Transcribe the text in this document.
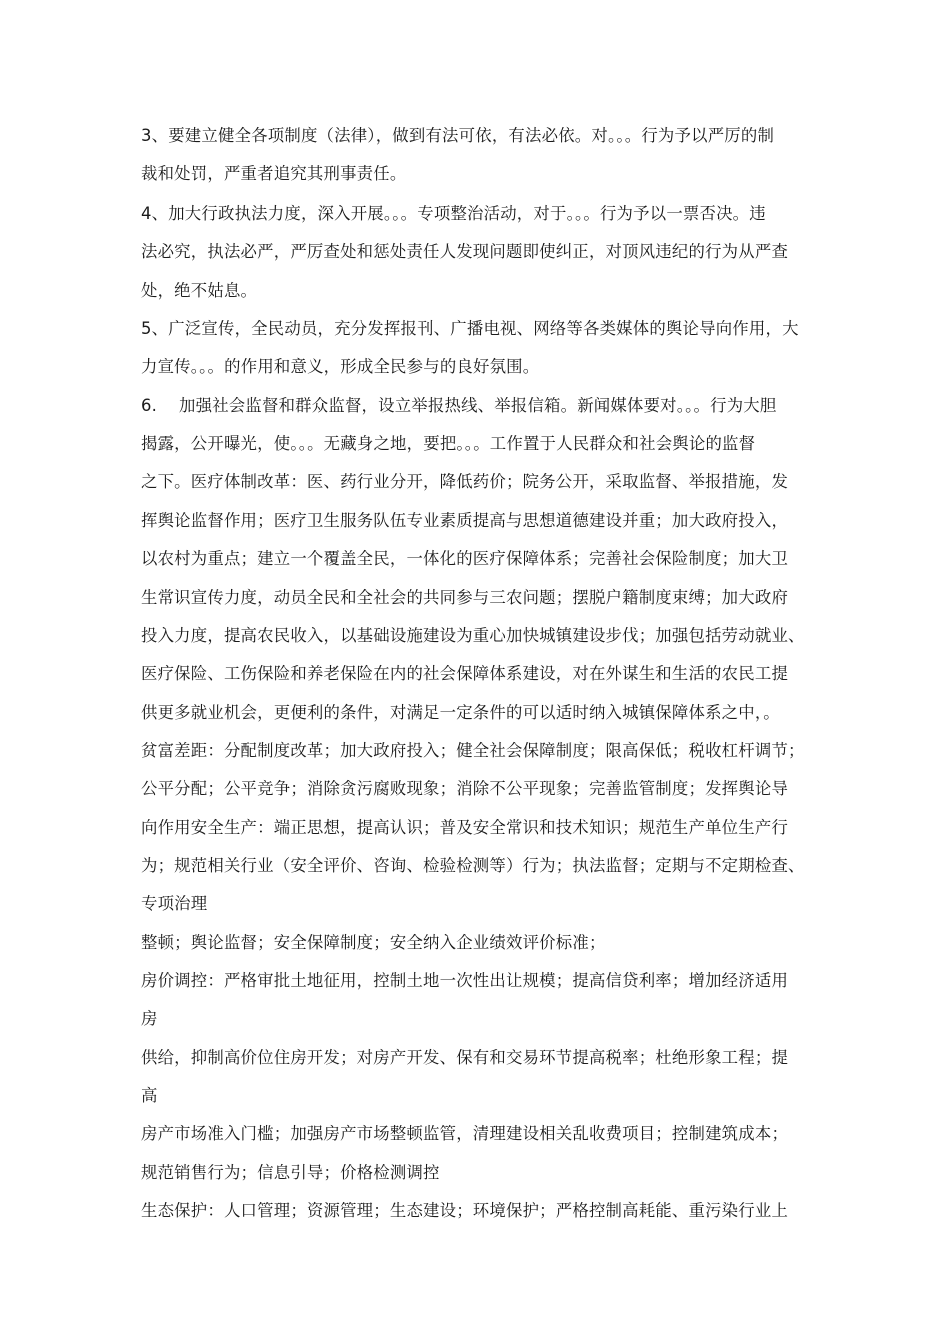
3、要建立健全各项制度（法律），做到有法可依，有法必依。对。。。行为予以严厉的制
裁和处罚，严重者追究其刑事责任。
4、加大行政执法力度，深入开展。。。专项整治活动，对于。。。行为予以一票否决。违
法必究，执法必严，严厉查处和惩处责任人发现问题即使纠正，对顶风违纪的行为从严查
处，绝不姑息。
5、广泛宣传，全民动员，充分发挥报刊、广播电视、网络等各类媒体的舆论导向作用，大
力宣传。。。的作用和意义，形成全民参与的良好氛围。
6.　 加强社会监督和群众监督，设立举报热线、举报信箱。新闻媒体要对。。。行为大胆
揭露，公开曝光，使。。。无藏身之地，要把。。。工作置于人民群众和社会舆论的监督
之下。医疗体制改革：医、药行业分开，降低药价；院务公开，采取监督、举报措施，发
挥舆论监督作用；医疗卫生服务队伍专业素质提高与思想道德建设并重；加大政府投入，
以农村为重点；建立一个覆盖全民，一体化的医疗保障体系；完善社会保险制度；加大卫
生常识宣传力度，动员全民和全社会的共同参与三农问题；摆脱户籍制度束缚；加大政府
投入力度，提高农民收入，以基础设施建设为重心加快城镇建设步伐；加强包括劳动就业、
医疗保险、工伤保险和养老保险在内的社会保障体系建设，对在外谋生和生活的农民工提
供更多就业机会，更便利的条件，对满足一定条件的可以适时纳入城镇保障体系之中，。
贫富差距：分配制度改革；加大政府投入；健全社会保障制度；限高保低；税收杠杆调节；
公平分配；公平竞争；消除贪污腐败现象；消除不公平现象；完善监管制度；发挥舆论导
向作用安全生产：端正思想，提高认识；普及安全常识和技术知识；规范生产单位生产行
为；规范相关行业（安全评价、咨询、检验检测等）行为；执法监督；定期与不定期检查、
专项治理
整顿；舆论监督；安全保障制度；安全纳入企业绩效评价标准；
房价调控：严格审批土地征用，控制土地一次性出让规模；提高信贷利率；增加经济适用
房
供给，抑制高价位住房开发；对房产开发、保有和交易环节提高税率；杜绝形象工程；提
高
房产市场准入门槛；加强房产市场整顿监管，清理建设相关乱收费项目；控制建筑成本；
规范销售行为；信息引导；价格检测调控
生态保护：人口管理；资源管理；生态建设；环境保护；严格控制高耗能、重污染行业上
